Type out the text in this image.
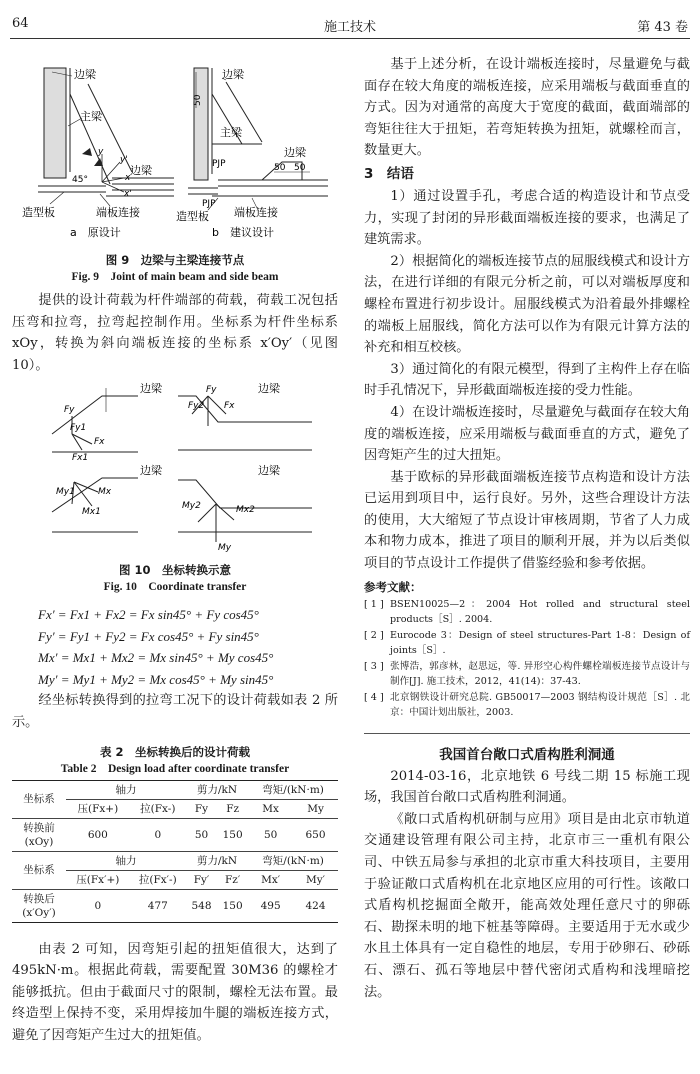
64	施工技术	第 43 卷
边梁
主梁
边梁
45°
y
y'
x
x'
造型板	端板连接
a　原设计
50
边梁
主梁
PJP
PJP
边梁
50 50
造型板 端板连接
b　建议设计
图 9　边梁与主梁连接节点
Fig. 9　Joint of main beam and side beam

提供的设计荷载为杆件端部的荷载，荷载工况包括压弯和拉弯，拉弯起控制作用。坐标系为杆件坐标系 xOy，转换为斜向端板连接的坐标系 x′Oy′（见图 10）。

Fy
Fx
Fy1
Fx1
Fy2
Fy
Fx
My1	Mx
Mx1
My2	Mx2
My
边梁	边梁
边梁	边梁
图 10　坐标转换示意
Fig. 10　Coordinate transfer
Fx′ = Fx1 + Fx2 = Fx sin45° + Fy cos45°
Fy′ = Fy1 + Fy2 = Fx cos45° + Fy sin45°
Mx′ = Mx1 + Mx2 = Mx sin45° + My cos45°
My′ = My1 + My2 = Mx cos45° + My sin45°

经坐标转换得到的拉弯工况下的设计荷载如表 2 所示。

表 2　坐标转换后的设计荷载
Table 2　Design load after coordinate transfer
坐标系	轴力		剪力/kN		弯矩/(kN·m)	
	压(Fx+)	拉(Fx-)	Fy	Fz	Mx	My
转换前(xOy)	600	0	50	150	50	650
坐标系	轴力		剪力/kN		弯矩/(kN·m)	
	压(Fx′+)	拉(Fx′-)	Fy′	Fz′	Mx′	My′
转换后(x′Oy′)	0	477	548	150	495	424

由表 2 可知，因弯矩引起的扭矩值很大，达到了 495kN·m。根据此荷载，需要配置 30M36 的螺栓才能够抵抗。但由于截面尺寸的限制，螺栓无法布置。最终造型上保持不变，采用焊接加牛腿的端板连接方式，避免了因弯矩产生过大的扭矩值。

基于上述分析，在设计端板连接时，尽量避免与截面存在较大角度的端板连接，应采用端板与截面垂直的方式。因为对通常的高度大于宽度的截面，截面端部的弯矩往往大于扭矩，若弯矩转换为扭矩，就螺栓而言，数量更大。

3　结语

1）通过设置手孔，考虑合适的构造设计和节点受力，实现了封闭的异形截面端板连接的要求，也满足了建筑需求。

2）根据简化的端板连接节点的屈服线模式和设计方法，在进行详细的有限元分析之前，可以对端板厚度和螺栓布置进行初步设计。屈服线模式为沿着最外排螺栓的端板上屈服线，简化方法可以作为有限元计算方法的补充和相互校核。

3）通过简化的有限元模型，得到了主构件上存在临时手孔情况下，异形截面端板连接的受力性能。

4）在设计端板连接时，尽量避免与截面存在较大角度的端板连接，应采用端板与截面垂直的方式，避免了因弯矩产生的过大扭矩。

基于欧标的异形截面端板连接节点构造和设计方法已运用到项目中，运行良好。另外，这些合理设计方法的使用，大大缩短了节点设计审核周期，节省了人力成本和物力成本，推进了项目的顺利开展，并为以后类似项目的节点设计工作提供了借鉴经验和参考依据。

参考文献：
[ 1 ] BSEN10025—2：2004 Hot rolled and structural steel products［S］. 2004.
[ 2 ] Eurocode 3：Design of steel structures-Part 1-8：Design of joints［S］.
[ 3 ] 张博浩，郭彦林，赵思远，等. 异形空心构件螺栓端板连接节点设计与制作[J]. 施工技术，2012，41(14)：37-43.
[ 4 ] 北京钢铁设计研究总院. GB50017—2003 钢结构设计规范［S］. 北京：中国计划出版社，2003.
我国首台敞口式盾构胜利洞通

2014-03-16，北京地铁 6 号线二期 15 标施工现场，我国首台敞口式盾构胜利洞通。

《敞口式盾构机研制与应用》项目是由北京市轨道交通建设管理有限公司主持，北京市三一重机有限公司、中铁五局参与承担的北京市重大科技项目，主要用于验证敞口式盾构机在北京地区应用的可行性。该敞口式盾构机挖掘面全敞开，能高效处理任意尺寸的卵砾石、勘探未明的地下桩基等障碍。主要适用于无水或少水且土体具有一定自稳性的地层，专用于砂卵石、砂砾石、漂石、孤石等地层中替代密闭式盾构和浅埋暗挖法。
